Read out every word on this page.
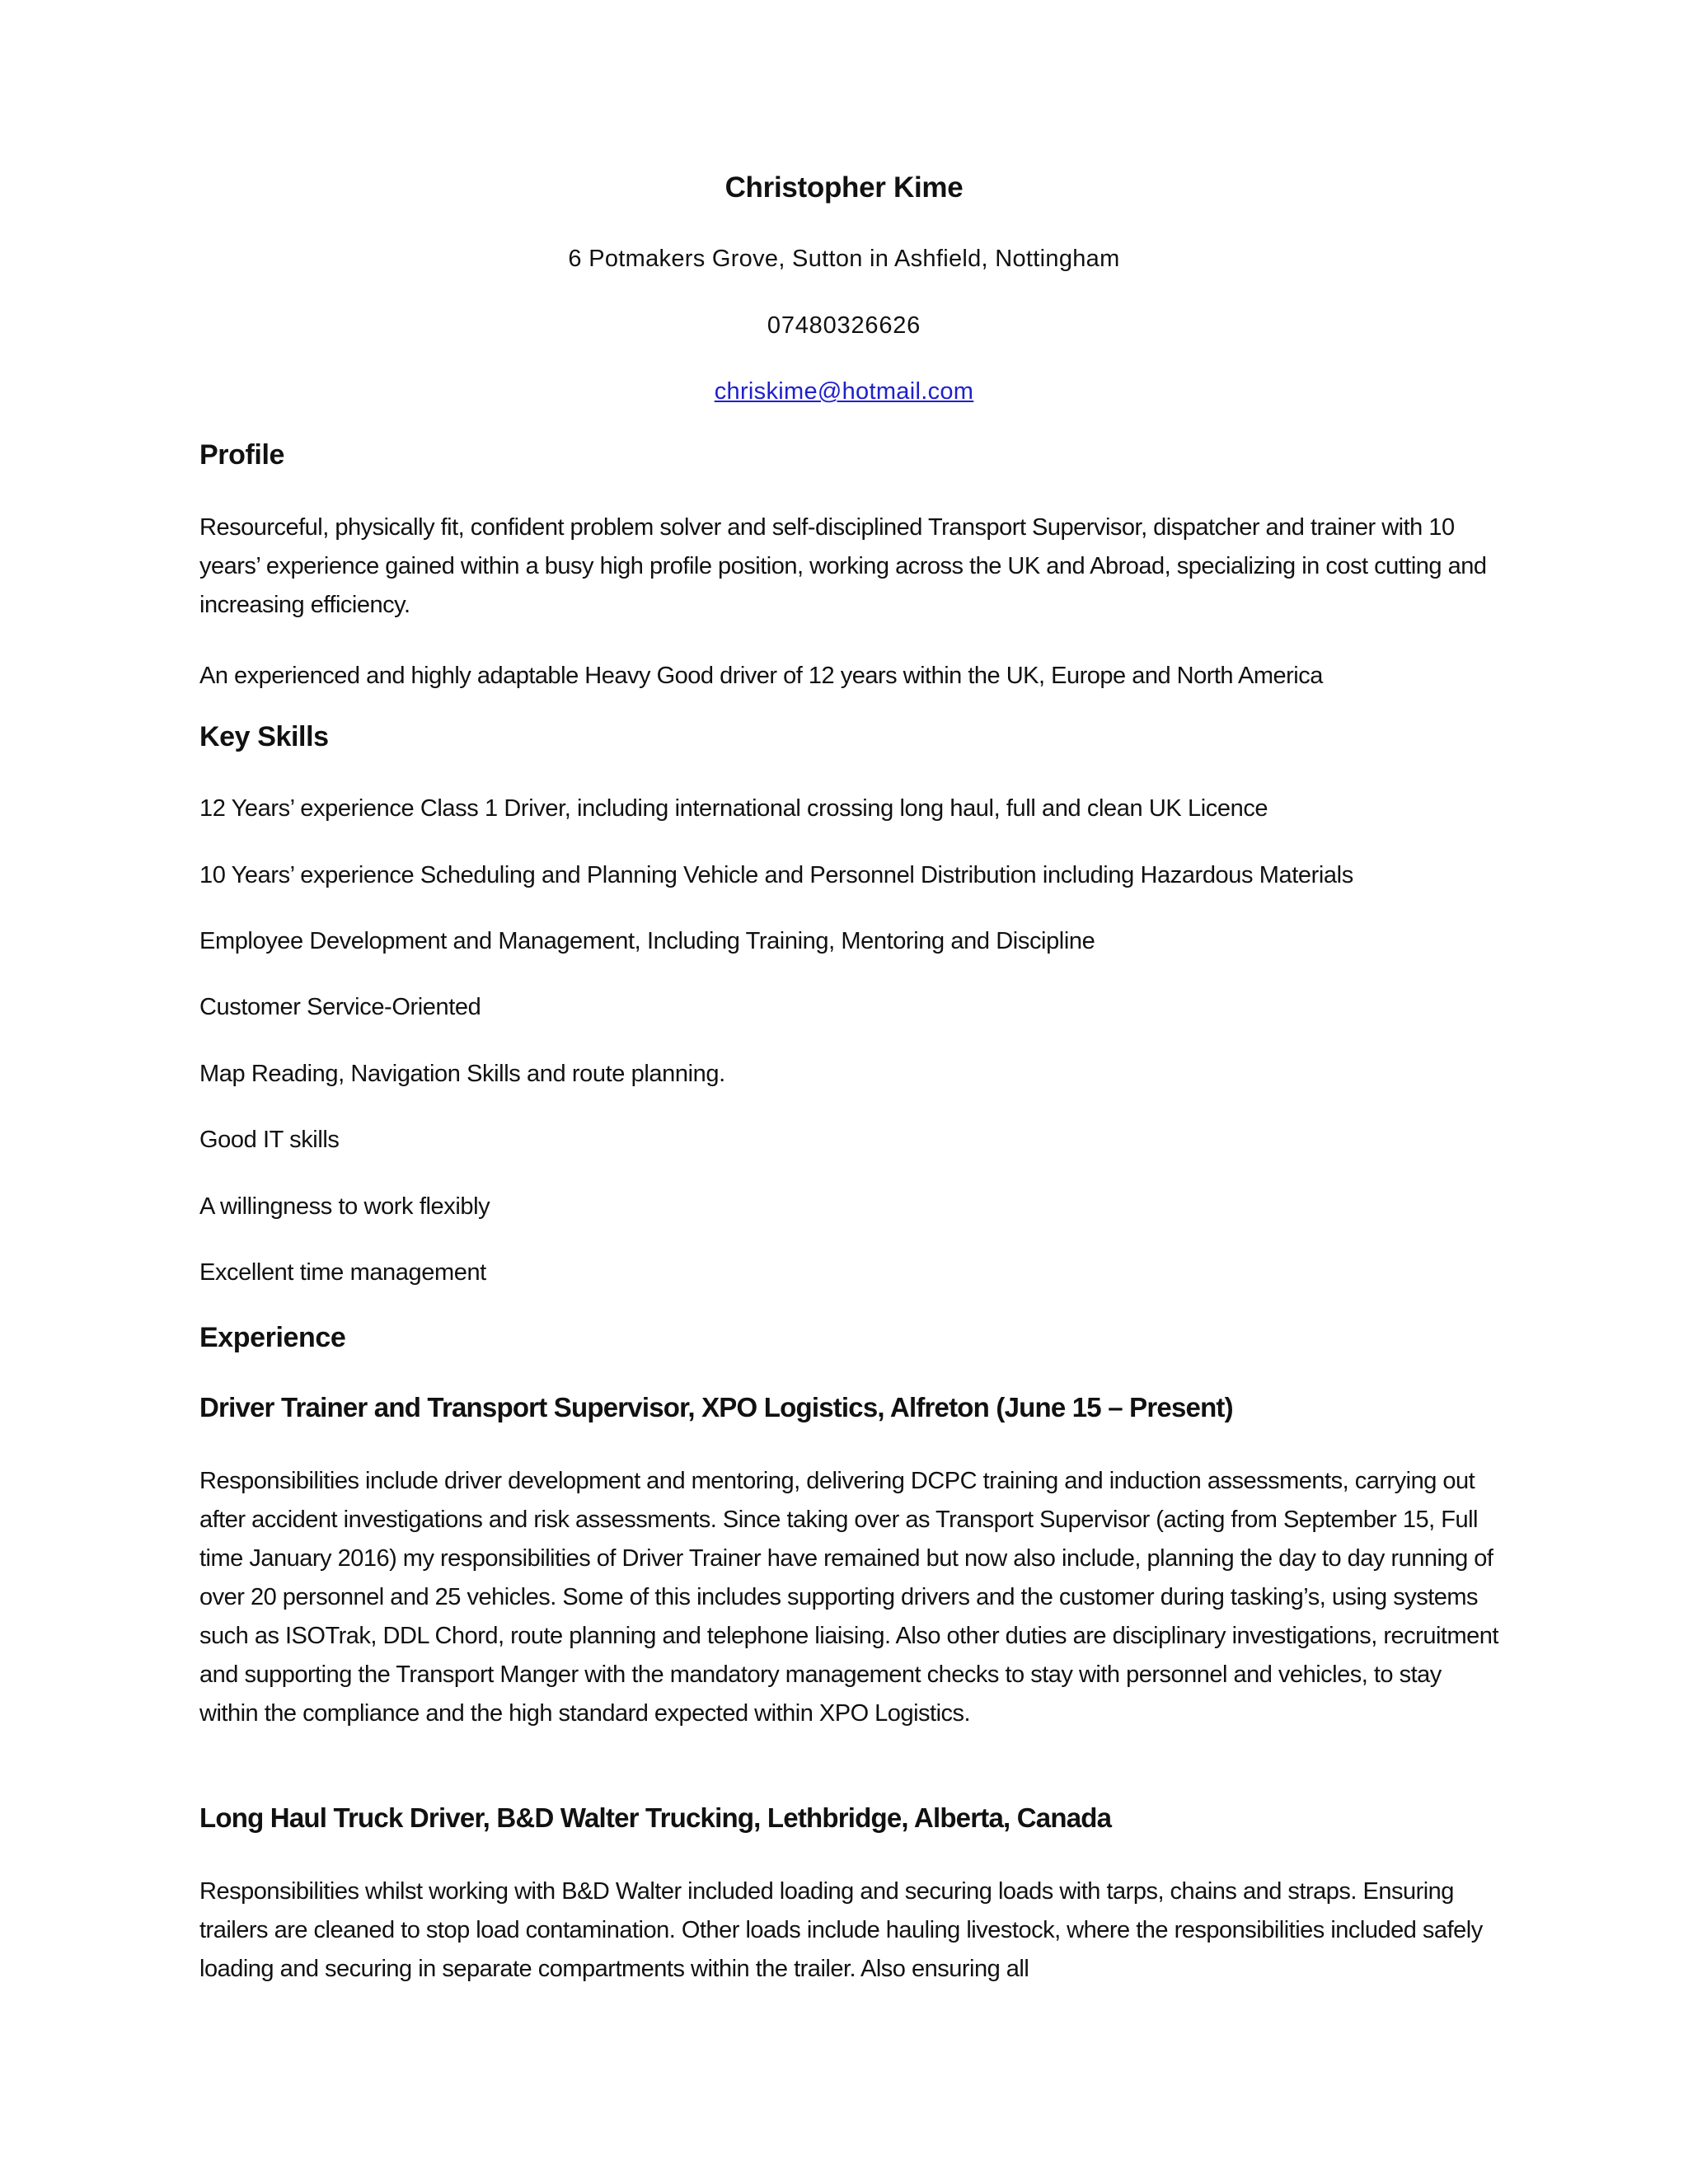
Christopher Kime
6 Potmakers Grove, Sutton in Ashfield, Nottingham
07480326626
chriskime@hotmail.com
Profile

Resourceful, physically fit, confident problem solver and self-disciplined Transport Supervisor, dispatcher and trainer with 10 years’ experience gained within a busy high profile position, working across the UK and Abroad, specializing in cost cutting and increasing efficiency.

An experienced and highly adaptable Heavy Good driver of 12 years within the UK, Europe and North America

Key Skills
12 Years’ experience Class 1 Driver, including international crossing long haul, full and clean UK Licence
10 Years’ experience Scheduling and Planning Vehicle and Personnel Distribution including Hazardous Materials
Employee Development and Management, Including Training, Mentoring and Discipline
Customer Service-Oriented
Map Reading, Navigation Skills and route planning.
Good IT skills
A willingness to work flexibly
Excellent time management
Experience
Driver Trainer and Transport Supervisor, XPO Logistics, Alfreton (June 15 – Present)

Responsibilities include driver development and mentoring, delivering DCPC training and induction assessments, carrying out after accident investigations and risk assessments. Since taking over as Transport Supervisor (acting from September 15, Full time January 2016) my responsibilities of Driver Trainer have remained but now also include, planning the day to day running of over 20 personnel and 25 vehicles. Some of this includes supporting drivers and the customer during tasking’s, using systems such as ISOTrak, DDL Chord, route planning and telephone liaising. Also other duties are disciplinary investigations, recruitment and supporting the Transport Manger with the mandatory management checks to stay with personnel and vehicles, to stay within the compliance and the high standard expected within XPO Logistics.

Long Haul Truck Driver, B&D Walter Trucking, Lethbridge, Alberta, Canada

Responsibilities whilst working with B&D Walter included loading and securing loads with tarps, chains and straps. Ensuring trailers are cleaned to stop load contamination. Other loads include hauling livestock, where the responsibilities included safely loading and securing in separate compartments within the trailer. Also ensuring all
